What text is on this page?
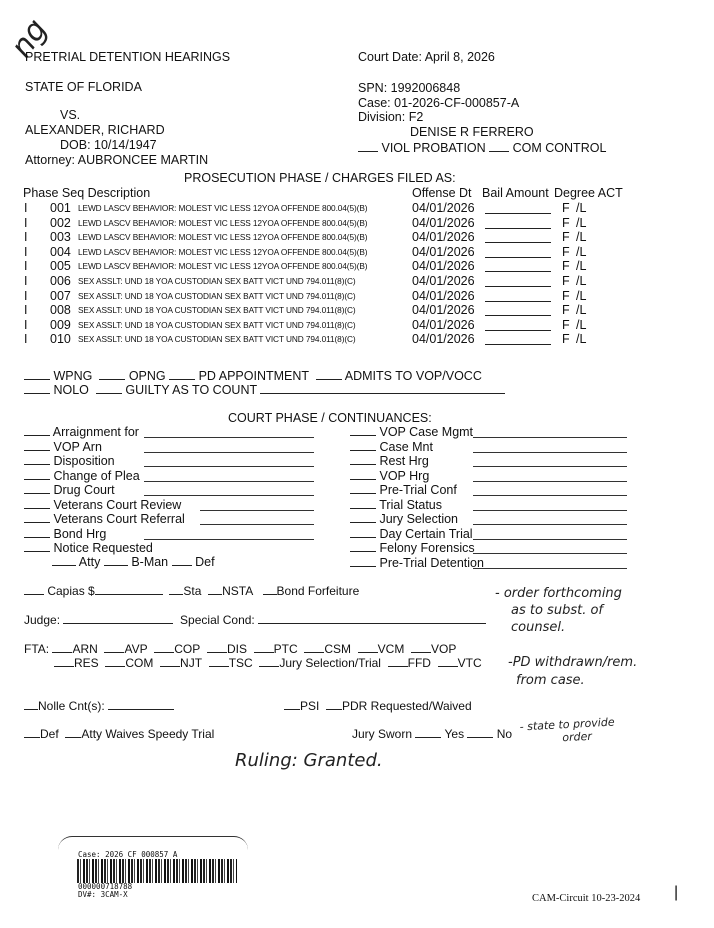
ng
PRETRIAL DETENTION HEARINGS
STATE OF FLORIDA
VS.
ALEXANDER, RICHARD
DOB: 10/14/1947
Attorney: AUBRONCEE MARTIN
Court Date: April 8, 2026
SPN: 1992006848
Case: 01-2026-CF-000857-A
Division: F2
DENISE R FERRERO
VIOL PROBATION COM CONTROL
PROSECUTION PHASE / CHARGES FILED AS:
Phase Seq Description	Offense Dt Bail Amount Degree ACT
I 001 LEWD LASCV BEHAVIOR: MOLEST VIC LESS 12YOA OFFENDE 800.04(5)(B)	04/01/2026	F /L
I 002 LEWD LASCV BEHAVIOR: MOLEST VIC LESS 12YOA OFFENDE 800.04(5)(B)	04/01/2026	F /L
I 003 LEWD LASCV BEHAVIOR: MOLEST VIC LESS 12YOA OFFENDE 800.04(5)(B)	04/01/2026	F /L
I 004 LEWD LASCV BEHAVIOR: MOLEST VIC LESS 12YOA OFFENDE 800.04(5)(B)	04/01/2026	F /L
I 005 LEWD LASCV BEHAVIOR: MOLEST VIC LESS 12YOA OFFENDE 800.04(5)(B)	04/01/2026	F /L
I 006 SEX ASSLT: UND 18 YOA CUSTODIAN SEX BATT VICT UND 794.011(8)(C)	04/01/2026	F /L
I 007 SEX ASSLT: UND 18 YOA CUSTODIAN SEX BATT VICT UND 794.011(8)(C)	04/01/2026	F /L
I 008 SEX ASSLT: UND 18 YOA CUSTODIAN SEX BATT VICT UND 794.011(8)(C)	04/01/2026	F /L
I 009 SEX ASSLT: UND 18 YOA CUSTODIAN SEX BATT VICT UND 794.011(8)(C)	04/01/2026	F /L
I 010 SEX ASSLT: UND 18 YOA CUSTODIAN SEX BATT VICT UND 794.011(8)(C)	04/01/2026	F /L
WPNG	OPNG	PD APPOINTMENT	ADMITS TO VOP/VOCC
NOLO	GUILTY AS TO COUNT
COURT PHASE / CONTINUANCES:
Arraignment for
VOP Arn
Disposition
Change of Plea
Drug Court
Veterans Court Review
Veterans Court Referral
Bond Hrg
Notice Requested
VOP Case Mgmt
Case Mnt
Rest Hrg
VOP Hrg
Pre-Trial Conf
Trial Status
Jury Selection
Day Certain Trial
Felony Forensics
Pre-Trial Detention
Atty B-Man Def
Capias $	Sta NSTA Bond Forfeiture
Judge:	Special Cond:
FTA: ARN AVP COP DIS PTC CSM VCM VOP
RES COM NJT TSC Jury Selection/Trial FFD VTC
Nolle Cnt(s):	PSI PDR Requested/Waived
Def Atty Waives Speedy Trial	Jury Sworn	Yes	No
- order forthcoming
as to subst. of
counsel.
-PD withdrawn/rem.
from case.
- state to provide
order
Ruling: Granted.
Case: 2026 CF 000857 A
000000718788
DV#: 3CAM-X	CAM-Circuit 10-23-2024 |
